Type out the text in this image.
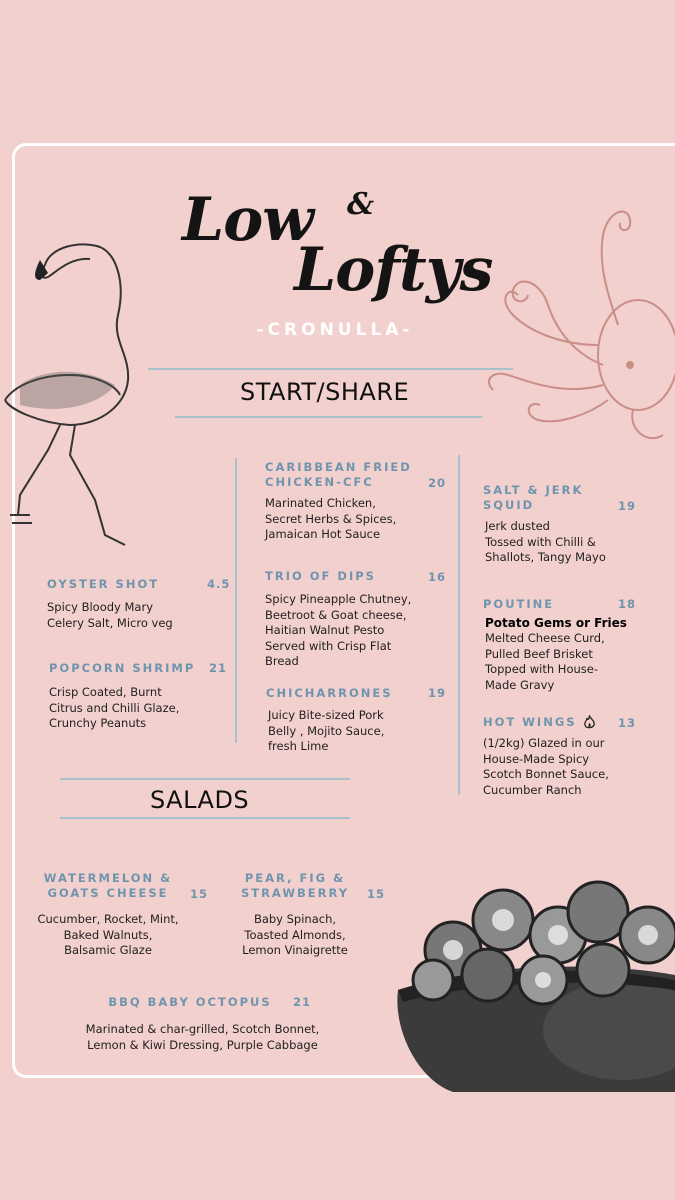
Low &
Loftys
-CRONULLA-
START/SHARE
OYSTER SHOT	4.5
Spicy Bloody Mary
Celery Salt, Micro veg
POPCORN SHRIMP	21
Crisp Coated, Burnt
Citrus and Chilli Glaze,
Crunchy Peanuts
CARIBBEAN FRIED
CHICKEN-CFC	20
Marinated Chicken,
Secret Herbs & Spices,
Jamaican Hot Sauce
TRIO OF DIPS	16
Spicy Pineapple Chutney,
Beetroot & Goat cheese,
Haitian Walnut Pesto
Served with Crisp Flat
Bread
CHICHARRONES	19
Juicy Bite-sized Pork
Belly , Mojito Sauce,
fresh Lime
SALT & JERK
SQUID	19
Jerk dusted
Tossed with Chilli &
Shallots, Tangy Mayo
POUTINE	18
Potato Gems or Fries
Melted Cheese Curd,
Pulled Beef Brisket
Topped with House-
Made Gravy
HOT WINGS	13
(1/2kg) Glazed in our
House-Made Spicy
Scotch Bonnet Sauce,
Cucumber Ranch
SALADS
WATERMELON &
GOATS CHEESE	15
Cucumber, Rocket, Mint,
Baked Walnuts,
Balsamic Glaze
PEAR, FIG &
STRAWBERRY	15
Baby Spinach,
Toasted Almonds,
Lemon Vinaigrette
BBQ BABY OCTOPUS	21
Marinated & char-grilled, Scotch Bonnet,
Lemon & Kiwi Dressing, Purple Cabbage
